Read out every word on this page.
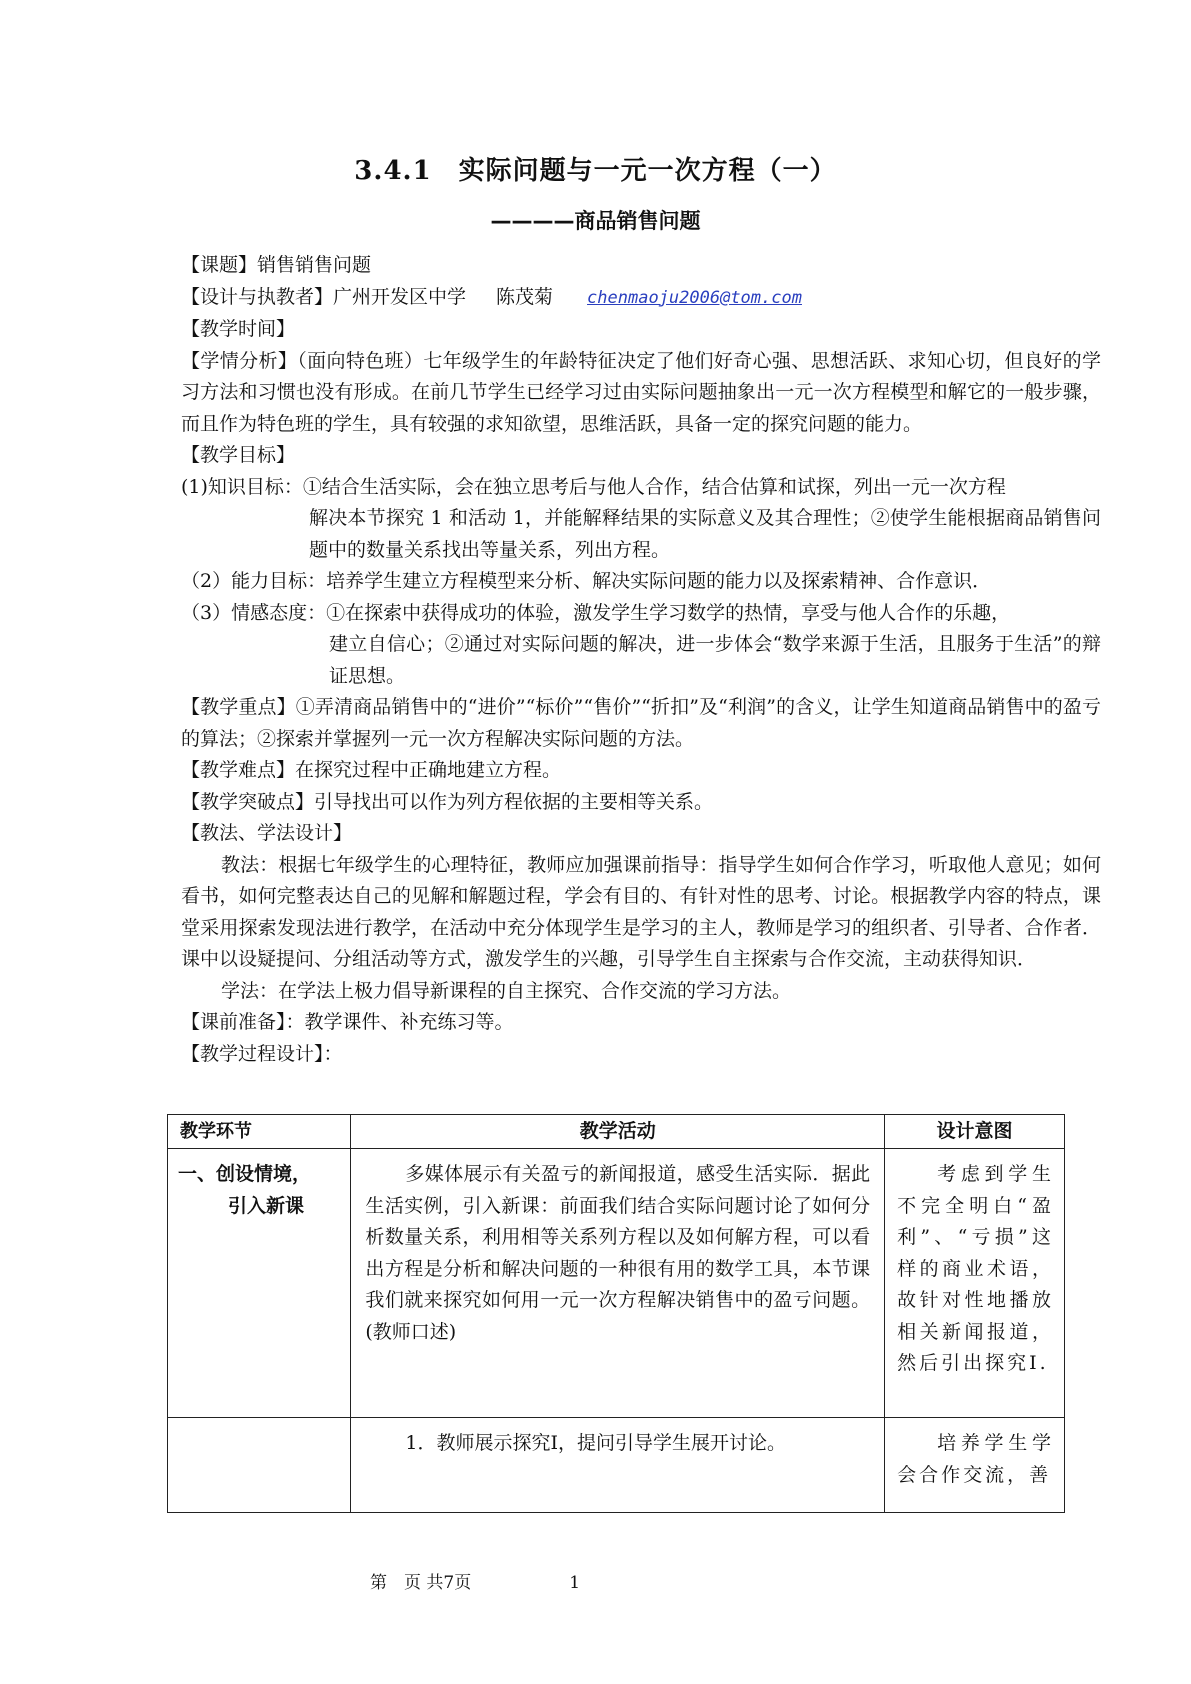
3.4.1　实际问题与一元一次方程（一）
————商品销售问题

【课题】销售销售问题

【设计与执教者】广州开发区中学 陈茂菊 chenmaoju2006@tom.com

【教学时间】

【学情分析】（面向特色班）七年级学生的年龄特征决定了他们好奇心强、思想活跃、求知心切，但良好的学习方法和习惯也没有形成。在前几节学生已经学习过由实际问题抽象出一元一次方程模型和解它的一般步骤，而且作为特色班的学生，具有较强的求知欲望，思维活跃，具备一定的探究问题的能力。

【教学目标】

(1)知识目标：①结合生活实际，会在独立思考后与他人合作，结合估算和试探，列出一元一次方程

解决本节探究 1 和活动 1，并能解释结果的实际意义及其合理性；②使学生能根据商品销售问题中的数量关系找出等量关系，列出方程。

（2）能力目标：培养学生建立方程模型来分析、解决实际问题的能力以及探索精神、合作意识．

（3）情感态度：①在探索中获得成功的体验，激发学生学习数学的热情，享受与他人合作的乐趣，

建立自信心；②通过对实际问题的解决，进一步体会“数学来源于生活，且服务于生活”的辩证思想。

【教学重点】①弄清商品销售中的“进价”“标价”“售价”“折扣”及“利润”的含义，让学生知道商品销售中的盈亏的算法；②探索并掌握列一元一次方程解决实际问题的方法。

【教学难点】在探究过程中正确地建立方程。

【教学突破点】引导找出可以作为列方程依据的主要相等关系。

【教法、学法设计】

教法：根据七年级学生的心理特征，教师应加强课前指导：指导学生如何合作学习，听取他人意见；如何看书，如何完整表达自己的见解和解题过程，学会有目的、有针对性的思考、讨论。根据教学内容的特点，课堂采用探索发现法进行教学，在活动中充分体现学生是学习的主人，教师是学习的组织者、引导者、合作者．课中以设疑提问、分组活动等方式，激发学生的兴趣，引导学生自主探索与合作交流，主动获得知识．

学法：在学法上极力倡导新课程的自主探究、合作交流的学习方法。

【课前准备】：教学课件、补充练习等。

【教学过程设计】：

教学环节	教学活动	设计意图
一、创设情境，
引入新课	多媒体展示有关盈亏的新闻报道，感受生活实际．据此生活实例，引入新课：前面我们结合实际问题讨论了如何分析数量关系，利用相等关系列方程以及如何解方程，可以看出方程是分析和解决问题的一种很有用的数学工具，本节课我们就来探究如何用一元一次方程解决销售中的盈亏问题。(教师口述)	考虑到学生不完全明白“盈利”、“亏损”这样的商业术语，故针对性地播放相关新闻报道，然后引出探究Ⅰ.

	1．教师展示探究Ⅰ，提问引导学生展开讨论。	培养学生学会合作交流，善
第　页 共7页	1
